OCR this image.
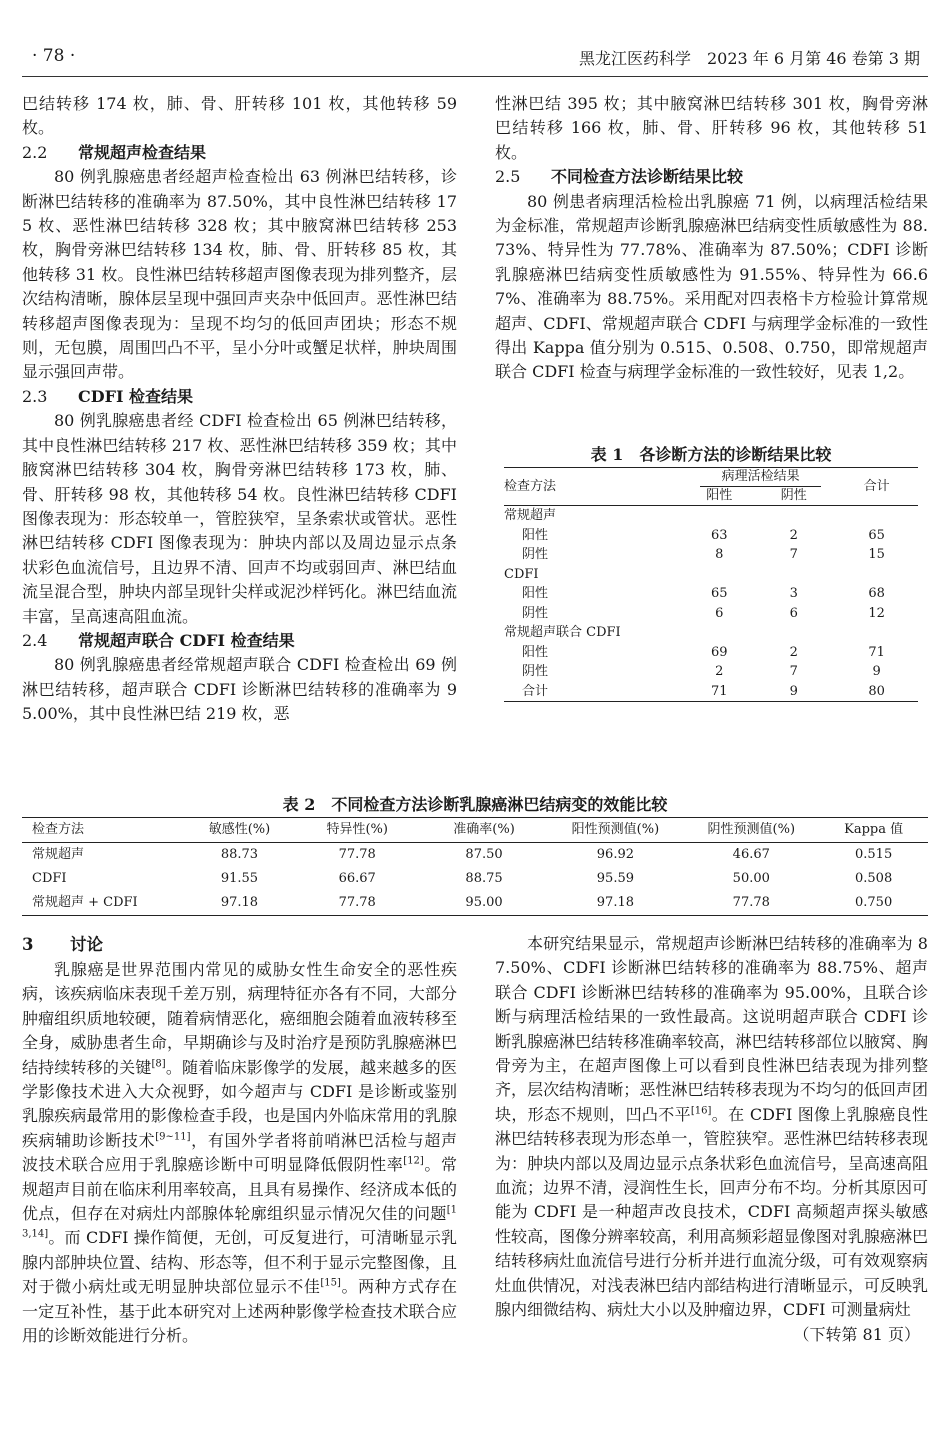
· 78 ·	黑龙江医药科学　2023 年 6 月第 46 卷第 3 期

巴结转移 174 枚，肺、骨、肝转移 101 枚，其他转移 59 枚。

2.2 常规超声检查结果

80 例乳腺癌患者经超声检查检出 63 例淋巴结转移，诊断淋巴结转移的准确率为 87.50%，其中良性淋巴结转移 175 枚、恶性淋巴结转移 328 枚；其中腋窝淋巴结转移 253 枚，胸骨旁淋巴结转移 134 枚，肺、骨、肝转移 85 枚，其他转移 31 枚。良性淋巴结转移超声图像表现为排列整齐，层次结构清晰，腺体层呈现中强回声夹杂中低回声。恶性淋巴结转移超声图像表现为：呈现不均匀的低回声团块；形态不规则，无包膜，周围凹凸不平，呈小分叶或蟹足状样，肿块周围显示强回声带。

2.3 CDFI 检查结果

80 例乳腺癌患者经 CDFI 检查检出 65 例淋巴结转移，其中良性淋巴结转移 217 枚、恶性淋巴结转移 359 枚；其中腋窝淋巴结转移 304 枚，胸骨旁淋巴结转移 173 枚，肺、骨、肝转移 98 枚，其他转移 54 枚。良性淋巴结转移 CDFI 图像表现为：形态较单一，管腔狭窄，呈条索状或管状。恶性淋巴结转移 CDFI 图像表现为：肿块内部以及周边显示点条状彩色血流信号，且边界不清、回声不均或弱回声、淋巴结血流呈混合型，肿块内部呈现针尖样或泥沙样钙化。淋巴结血流丰富，呈高速高阻血流。

2.4 常规超声联合 CDFI 检查结果

80 例乳腺癌患者经常规超声联合 CDFI 检查检出 69 例淋巴结转移，超声联合 CDFI 诊断淋巴结转移的准确率为 95.00%，其中良性淋巴结 219 枚，恶

性淋巴结 395 枚；其中腋窝淋巴结转移 301 枚，胸骨旁淋巴结转移 166 枚，肺、骨、肝转移 96 枚，其他转移 51 枚。

2.5 不同检查方法诊断结果比较

80 例患者病理活检检出乳腺癌 71 例，以病理活检结果为金标准，常规超声诊断乳腺癌淋巴结病变性质敏感性为 88.73%、特异性为 77.78%、准确率为 87.50%；CDFI 诊断乳腺癌淋巴结病变性质敏感性为 91.55%、特异性为 66.67%、准确率为 88.75%。采用配对四表格卡方检验计算常规超声、CDFI、常规超声联合 CDFI 与病理学金标准的一致性得出 Kappa 值分别为 0.515、0.508、0.750，即常规超声联合 CDFI 检查与病理学金标准的一致性较好，见表 1,2。

表 1　各诊断方法的诊断结果比较
检查方法	病理活检结果		合计
	阳性	阴性	
常规超声			
阳性	63	2	65
阴性	8	7	15
CDFI			
阳性	65	3	68
阴性	6	6	12
常规超声联合 CDFI			
阳性	69	2	71
阴性	2	7	9
合计	71	9	80
表 2　不同检查方法诊断乳腺癌淋巴结病变的效能比较
检查方法	敏感性(%)	特异性(%)	准确率(%)	阳性预测值(%)	阴性预测值(%)	Kappa 值
常规超声	88.73	77.78	87.50	96.92	46.67	0.515
CDFI	91.55	66.67	88.75	95.59	50.00	0.508
常规超声 + CDFI	97.18	77.78	95.00	97.18	77.78	0.750
3 讨论

乳腺癌是世界范围内常见的威胁女性生命安全的恶性疾病，该疾病临床表现千差万别，病理特征亦各有不同，大部分肿瘤组织质地较硬，随着病情恶化，癌细胞会随着血液转移至全身，威胁患者生命，早期确诊与及时治疗是预防乳腺癌淋巴结持续转移的关键[8]。随着临床影像学的发展，越来越多的医学影像技术进入大众视野，如今超声与 CDFI 是诊断或鉴别乳腺疾病最常用的影像检查手段，也是国内外临床常用的乳腺疾病辅助诊断技术[9~11]，有国外学者将前哨淋巴活检与超声波技术联合应用于乳腺癌诊断中可明显降低假阴性率[12]。常规超声目前在临床利用率较高，且具有易操作、经济成本低的优点，但存在对病灶内部腺体轮廓组织显示情况欠佳的问题[13,14]。而 CDFI 操作简便，无创，可反复进行，可清晰显示乳腺内部肿块位置、结构、形态等，但不利于显示完整图像，且对于微小病灶或无明显肿块部位显示不佳[15]。两种方式存在一定互补性，基于此本研究对上述两种影像学检查技术联合应用的诊断效能进行分析。

本研究结果显示，常规超声诊断淋巴结转移的准确率为 87.50%、CDFI 诊断淋巴结转移的准确率为 88.75%、超声联合 CDFI 诊断淋巴结转移的准确率为 95.00%，且联合诊断与病理活检结果的一致性最高。这说明超声联合 CDFI 诊断乳腺癌淋巴结转移准确率较高，淋巴结转移部位以腋窝、胸骨旁为主，在超声图像上可以看到良性淋巴结表现为排列整齐，层次结构清晰；恶性淋巴结转移表现为不均匀的低回声团块，形态不规则，凹凸不平[16]。在 CDFI 图像上乳腺癌良性淋巴结转移表现为形态单一，管腔狭窄。恶性淋巴结转移表现为：肿块内部以及周边显示点条状彩色血流信号，呈高速高阻血流；边界不清，浸润性生长，回声分布不均。分析其原因可能为 CDFI 是一种超声改良技术，CDFI 高频超声探头敏感性较高，图像分辨率较高，利用高频彩超显像图对乳腺癌淋巴结转移病灶血流信号进行分析并进行血流分级，可有效观察病灶血供情况，对浅表淋巴结内部结构进行清晰显示，可反映乳腺内细微结构、病灶大小以及肿瘤边界，CDFI 可测量病灶

（下转第 81 页）
